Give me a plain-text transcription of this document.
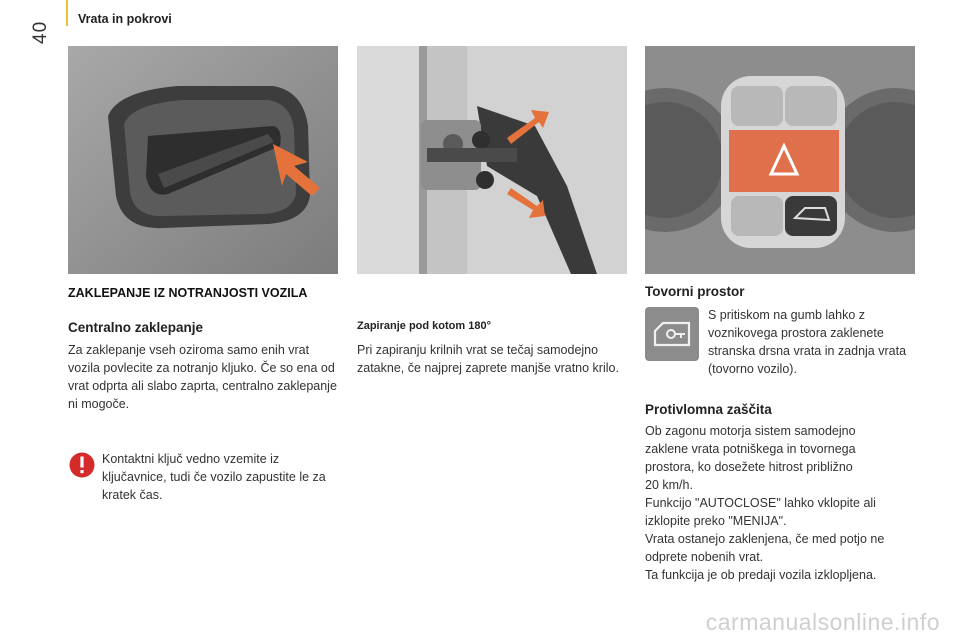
40
Vrata in pokrovi
ZAKLEPANJE IZ NOTRANJOSTI VOZILA
Centralno zaklepanje
Za zaklepanje vseh oziroma samo enih vrat vozila povlecite za notranjo kljuko. Če so ena od vrat odprta ali slabo zaprta, centralno zaklepanje ni mogoče.
Kontaktni ključ vedno vzemite iz ključavnice, tudi če vozilo zapustite le za kratek čas.
Zapiranje pod kotom 180°
Pri zapiranju krilnih vrat se tečaj samodejno zatakne, če najprej zaprete manjše vratno krilo.
Tovorni prostor
S pritiskom na gumb lahko z voznikovega prostora zaklenete stranska drsna vrata in zadnja vrata (tovorno vozilo).
Protivlomna zaščita
Ob zagonu motorja sistem samodejno
zaklene vrata potniškega in tovornega
prostora, ko dosežete hitrost približno
20 km/h.
Funkcijo "AUTOCLOSE" lahko vklopite ali
izklopite preko "MENIJA".
Vrata ostanejo zaklenjena, če med potjo ne
odprete nobenih vrat.
Ta funkcija je ob predaji vozila izklopljena.
carmanualsonline.info
